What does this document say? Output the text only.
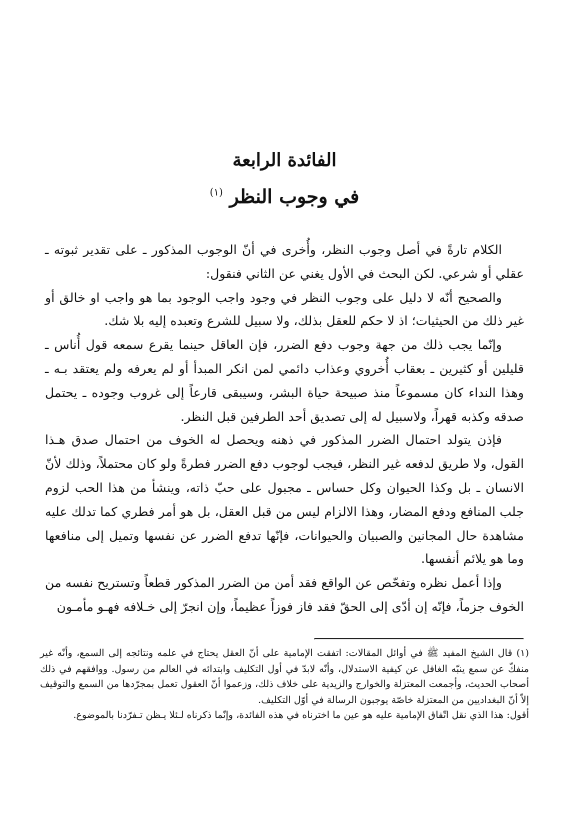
الفائدة الرابعة
في وجوب النظر $^{(١)}$

الكلام تارةً في أصل وجوب النظر، وأُخرى في أنّ الوجوب المذكور ـ على تقدير ثبوته ـ عقلي أو شرعي. لكن البحث في الأول يغني عن الثاني فنقول:

والصحيح أنّه لا دليل على وجوب النظر في وجود واجب الوجود بما هو واجب او خالق أو غير ذلك من الحيثيات؛ اذ لا حكم للعقل بذلك، ولا سبيل للشرع وتعبده إليه بلا شك.

وإنّما يجب ذلك من جهة وجوب دفع الضرر، فإن العاقل حينما يقرع سمعه قول أُناس ـ قليلين أو كثيرين ـ بعقاب أُخروي وعذاب دائمي لمن انكر المبدأ أو لم يعرفه ولم يعتقد بـه ـ وهذا النداء كان مسموعاً منذ صبيحة حياة البشر، وسيبقى قارعاً إلى غروب وجوده ـ يحتمل صدقه وكذبه قهراً، ولاسبيل له إلى تصديق أحد الطرفين قبل النظر.

فإذن يتولد احتمال الضرر المذكور في ذهنه ويحصل له الخوف من احتمال صدق هـذا القول، ولا طريق لدفعه غير النظر، فيجب لوجوب دفع الضرر فطرةً ولو كان محتملاً، وذلك لأنّ الانسان ـ بل وكذا الحيوان وكل حساس ـ مجبول على حبّ ذاته، وينشأ من هذا الحب لزوم جلب المنافع ودفع المضار، وهذا الالزام ليس من قبل العقل، بل هو أمر فطري كما تدلك عليه مشاهدة حال المجانين والصبيان والحيوانات، فإنّها تدفع الضرر عن نفسها وتميل إلى منافعها وما هو يلائم أنفسها.

وإذا أعمل نظره وتفحّص عن الواقع فقد أمن من الضرر المذكور قطعاً وتستريح نفسه من الخوف جزماً، فإنّه إن أدّى إلى الحقّ فقد فاز فوزاً عظيماً، وإن انجرّ إلى خـلافه فهـو مأمـون

(١) قال الشيخ المفيد ﷺ في أوائل المقالات: اتفقت الإمامية على أنّ العقل يحتاج في علمه ونتائجه إلى السمع، وأنّه غير منفكّ عن سمع ينبّه الغافل عن كيفية الاستدلال، وأنّه لابدّ في أول التكليف وابتدائه في العالم من رسول. ووافقهم في ذلك أصحاب الحديث، وأجمعت المعتزلة والخوارج والزيدية على خلاف ذلك، وزعموا أنّ العقول تعمل بمجرّدها من السمع والتوقيف إلاّ أنّ البغداديين من المعتزلة خاصّة يوجبون الرسالة في أوّل التكليف.

أقول: هذا الذي نقل اتّفاق الإمامية عليه هو عين ما اخترناه في هذه الفائدة، وإنّما ذكرناه لـئلا يـظن تـفرّدنا بالموضوع.
